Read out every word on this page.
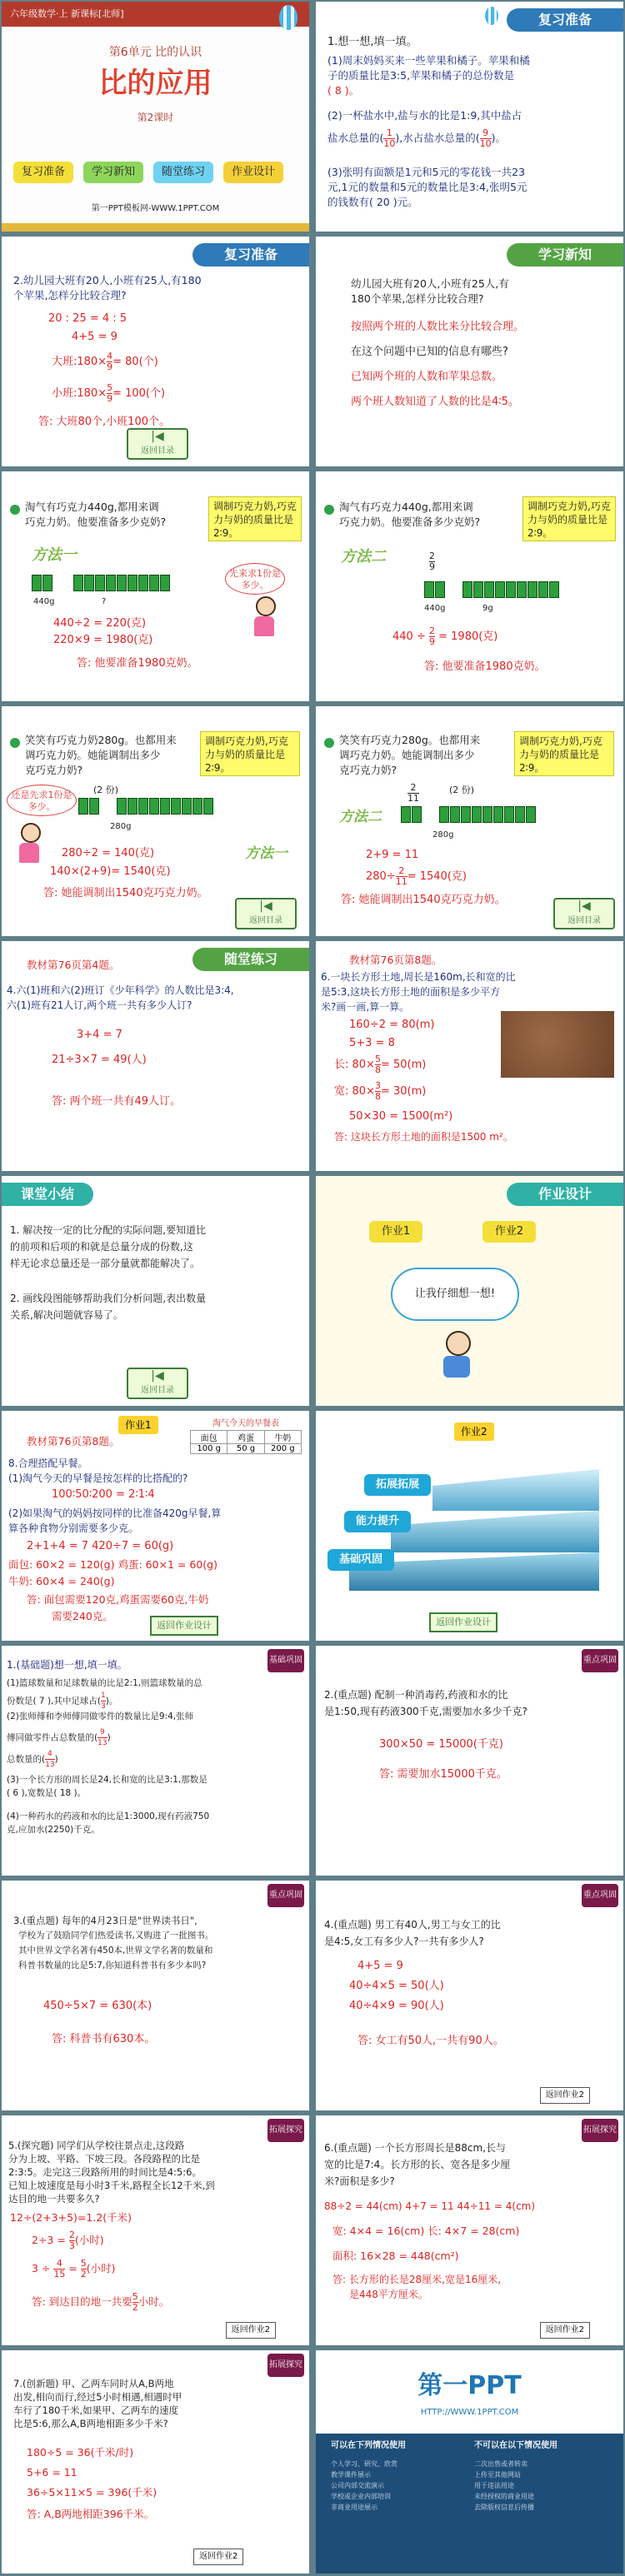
六年级数学·上 新课标[北师]
第6单元 比的认识
比的应用
第2课时
复习准备	学习新知	随堂练习	作业设计
第一PPT模板网-WWW.1PPT.COM
复习准备
1.想一想,填一填。
(1)周末妈妈买来一些苹果和橘子。苹果和橘
子的质量比是3:5,苹果和橘子的总份数是
( 8 )。
(2)一杯盐水中,盐与水的比是1:9,其中盐占
盐水总量的( $\frac{1}{10}$ ),水占盐水总量的( $\frac{9}{10}$ )。
(3)张明有面额是1元和5元的零花钱一共23
元,1元的数量和5元的数量比是3:4,张明5元
的钱数有( 20 )元。
复习准备
2.幼儿园大班有20人,小班有25人,有180
个苹果,怎样分比较合理?
20 : 25 = 4 : 5
4+5 = 9
大班:180× $\frac{4}{9} = 80$(个)
小班:180× $\frac{5}{9} = 100$(个)
答: 大班80个,小班100个。
|◀
返回目录
学习新知
幼儿园大班有20人,小班有25人,有
180个苹果,怎样分比较合理?
按照两个班的人数比来分比较合理。
在这个问题中已知的信息有哪些?
已知两个班的人数和苹果总数。
两个班人数知道了人数的比是4∶5。
淘气有巧克力440g,都用来调
巧克力奶。他要准备多少克奶?
调制巧克力奶,巧克力与奶的质量比是2∶9。
方法一

440g	?
先来求1份是多少。
440÷2 = 220(克)
220×9 = 1980(克)
答: 他要准备1980克奶。
淘气有巧克力440g,都用来调
巧克力奶。他要准备多少克奶?
调制巧克力奶,巧克力与奶的质量比是2∶9。
方法二	$\frac{2}{9}$

440g	9g
$440 \div \frac{2}{9} = 1980$(克)
答: 他要准备1980克奶。
笑笑有巧克力奶280g。也都用来
调巧克力奶。她能调制出多少
克巧克力奶?
调制巧克力奶,巧克力与奶的质量比是2∶9。
还是先求1份是多少。
(2 份)

280g
方法一
280÷2 = 140(克)
140×(2+9)= 1540(克)
答: 她能调制出1540克巧克力奶。
|◀
返回目录
笑笑有巧克力280g。也都用来
调巧克力奶。她能调制出多少
克巧克力奶?
调制巧克力奶,巧克力与奶的质量比是2∶9。
$\frac{2}{11}$	(2 份)

280g
方法二
2+9 = 11
$280\div \frac{2}{11} = 1540$(克)
答: 她能调制出1540克巧克力奶。	|◀
返回目录
随堂练习
教材第76页第4题。
4.六(1)班和六(2)班订《少年科学》的人数比是3:4,
六(1)班有21人订,两个班一共有多少人订?
3+4 = 7
21÷3×7 = 49(人)
答: 两个班一共有49人订。
教材第76页第8题。
6.一块长方形土地,周长是160m,长和宽的比
是5:3,这块长方形土地的面积是多少平方
米?画一画,算一算。
160÷2 = 80(m)
5+3 = 8
长: $80\times \frac{5}{8} = 50(m)$
宽: $80\times \frac{3}{8} = 30(m)$
50×30 = 1500(m²)
答: 这块长方形土地的面积是1500 m²。
课堂小结
1. 解决按一定的比分配的实际问题,要知道比
的前项和后项的和就是总量分成的份数,这
样无论求总量还是一部分量就都能解决了。
2. 画线段图能够帮助我们分析问题,表出数量
关系,解决问题就容易了。
|◀
返回目录
作业设计
作业1	作业2
让我仔细想一想!
作业1
教材第76页第8题。
淘气今天的早餐表
面包	鸡蛋	牛奶
100 g	50 g	200 g
8.合理搭配早餐。
(1)淘气今天的早餐是按怎样的比搭配的?
100∶50∶200 = 2∶1∶4
(2)如果淘气的妈妈按同样的比准备420g早餐,算
算各种食物分别需要多少克。
2+1+4 = 7 420÷7 = 60(g)
面包: 60×2 = 120(g) 鸡蛋: 60×1 = 60(g)
牛奶: 60×4 = 240(g)
答: 面包需要120克,鸡蛋需要60克,牛奶
需要240克。
返回作业设计
作业2
拓展拓展
能力提升
基础巩固
返回作业设计
基础巩固
1.(基础题)想一想,填一填。
(1)篮球数量和足球数量的比是2:1,则篮球数量的总
份数是( 7 ),其中足球占( $\frac{1}{3}$ )。
(2)张师傅和李师傅同做零件的数量比是9:4,张师
傅同做零件占总数量的( $\frac{9}{13}$ )
总数量的( $\frac{4}{13}$ )
(3)一个长方形的周长是24,长和宽的比是3:1,那数是
( 6 ),宽数是( 18 )。
(4)一种药水的药液和水的比是1:3000,现有药液750
克,应加水(2250)千克。
重点巩固
2.(重点题) 配制一种消毒药,药液和水的比
是1:50,现有药液300千克,需要加水多少千克?
300×50 = 15000(千克)
答: 需要加水15000千克。
重点巩固
3.(重点题) 每年的4月23日是"世界读书日",
学校为了鼓励同学们热爱读书,又购进了一批图书。
其中世界文学名著有450本,世界文学名著的数量和
科普书数量的比是5:7,你知道科普书有多少本吗?
450÷5×7 = 630(本)
答: 科普书有630本。
重点巩固
4.(重点题) 男工有40人,男工与女工的比
是4:5,女工有多少人?一共有多少人?
4+5 = 9
40÷4×5 = 50(人)
40÷4×9 = 90(人)
答: 女工有50人,一共有90人。
返回作业2
拓展探究
5.(探究题) 同学们从学校往景点走,这段路
分为上坡、平路、下坡三段。各段路程的比是
2:3:5。走完这三段路所用的时间比是4:5:6。
已知上坡速度是每小时3千米,路程全长12千米,到
达目的地一共要多久?
12÷(2+3+5)=1.2(千米)
$2\div 3 = \frac{2}{3}$ (小时)
$3 \div \frac{4}{15} = \frac{5}{2}$ (小时)
答: 到达目的地一共要 $\frac{5}{2}$ 小时。
返回作业2
拓展探究
6.(重点题) 一个长方形周长是88cm,长与
宽的比是7:4。长方形的长、宽各是多少厘
米?面积是多少?
88÷2 = 44(cm) 4+7 = 11 44÷11 = 4(cm)
宽: 4×4 = 16(cm) 长: 4×7 = 28(cm)
面积: 16×28 = 448(cm²)
答: 长方形的长是28厘米,宽是16厘米,
是448平方厘米。
返回作业2
拓展探究
7.(创新题) 甲、乙两车同时从A,B两地
出发,相向而行,经过5小时相遇,相遇时甲
车行了180千米,如果甲、乙两车的速度
比是5:6,那么A,B两地相距多少千米?
180÷5 = 36(千米/时)
5+6 = 11
36÷5×11×5 = 396(千米)
答: A,B两地相距396千米。
返回作业2
第一PPT
HTTP://WWW.1PPT.COM
可以在下列情况使用	不可以在以下情况使用
个人学习、研究、欣赏
教学课件展示
公司内部交流演示
学校或企业内部培训
非商业用途展示
二次出售或者转卖
上传至其他网站
用于违法用途
未经授权的商业用途
去除版权信息后传播
